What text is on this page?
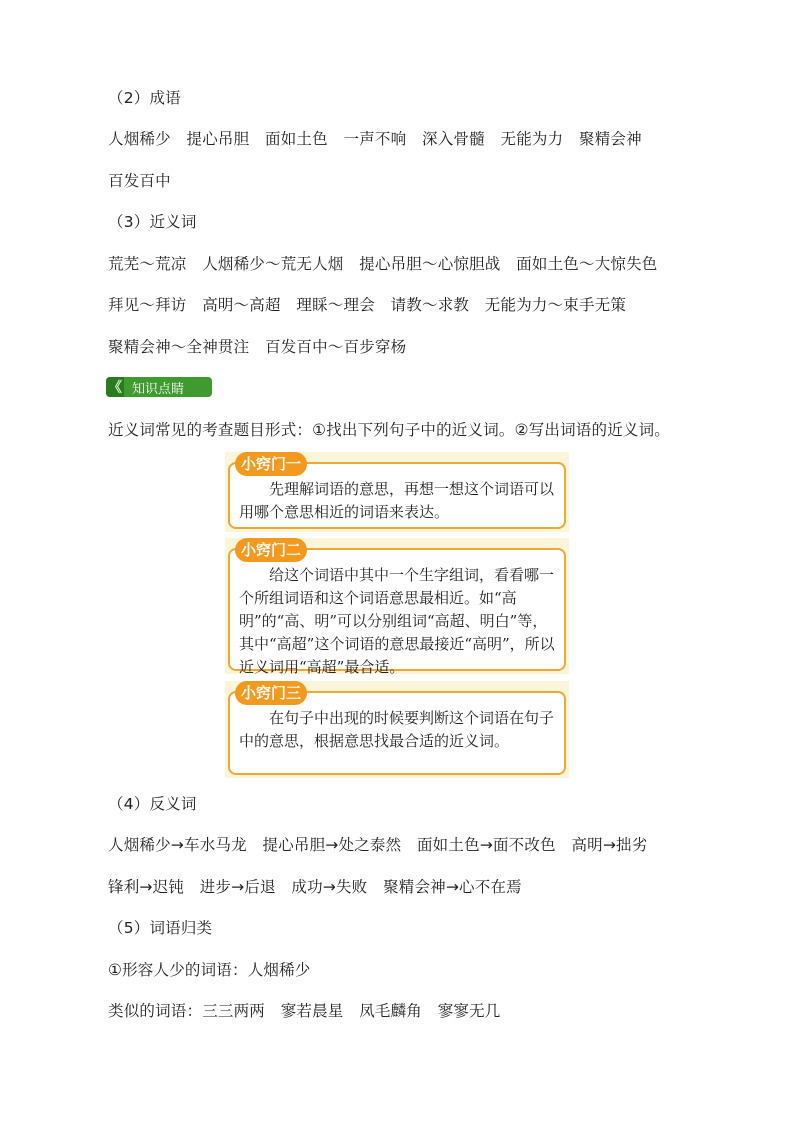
（2）成语
人烟稀少　提心吊胆　面如土色　一声不响　深入骨髓　无能为力　聚精会神
百发百中
（3）近义词
荒芜～荒凉　人烟稀少～荒无人烟　提心吊胆～心惊胆战　面如土色～大惊失色
拜见～拜访　高明～高超　理睬～理会　请教～求教　无能为力～束手无策
聚精会神～全神贯注　百发百中～百步穿杨
《 知识点睛
近义词常见的考查题目形式：①找出下列句子中的近义词。②写出词语的近义词。
小窍门一

先理解词语的意思，再想一想这个词语可以用哪个意思相近的词语来表达。

小窍门二

给这个词语中其中一个生字组词，看看哪一个所组词语和这个词语意思最相近。如“高明”的“高、明”可以分别组词“高超、明白”等，其中“高超”这个词语的意思最接近“高明”，所以近义词用“高超”最合适。

小窍门三

在句子中出现的时候要判断这个词语在句子中的意思，根据意思找最合适的近义词。

（4）反义词
人烟稀少→车水马龙　提心吊胆→处之泰然　面如土色→面不改色　高明→拙劣
锋利→迟钝　进步→后退　成功→失败　聚精会神→心不在焉
（5）词语归类
①形容人少的词语：人烟稀少
类似的词语：三三两两　寥若晨星　凤毛麟角　寥寥无几
